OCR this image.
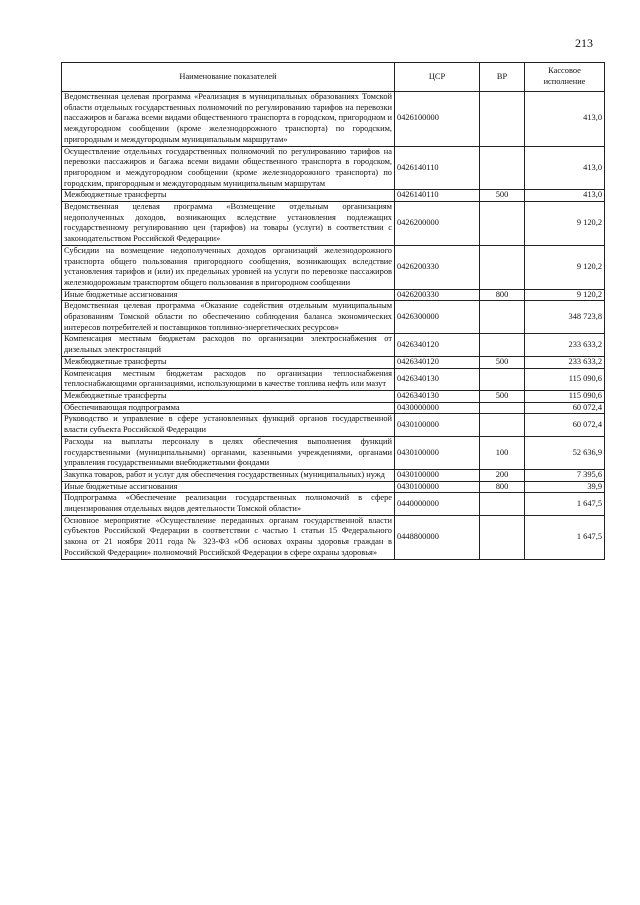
213
Наименование показателей	ЦСР	ВР	Кассовое исполнение
Ведомственная целевая программа «Реализация в муниципальных образованиях Томской области отдельных государственных полномочий по регулированию тарифов на перевозки пассажиров и багажа всеми видами общественного транспорта в городском, пригородном и междугородном сообщении (кроме железнодорожного транспорта) по городским, пригородным и междугородным муниципальным маршрутам»	0426100000		413,0
Осуществление отдельных государственных полномочий по регулированию тарифов на перевозки пассажиров и багажа всеми видами общественного транспорта в городском, пригородном и междугородном сообщении (кроме железнодорожного транспорта) по городским, пригородным и междугородным муниципальным маршрутам	0426140110		413,0
Межбюджетные трансферты	0426140110	500	413,0
Ведомственная целевая программа «Возмещение отдельным организациям недополученных доходов, возникающих вследствие установления подлежащих государственному регулированию цен (тарифов) на товары (услуги) в соответствии с законодательством Российской Федерации»	0426200000		9 120,2
Субсидии на возмещение недополученных доходов организаций железнодорожного транспорта общего пользования пригородного сообщения, возникающих вследствие установления тарифов и (или) их предельных уровней на услуги по перевозке пассажиров железнодорожным транспортом общего пользования в пригородном сообщении	0426200330		9 120,2
Иные бюджетные ассигнования	0426200330	800	9 120,2
Ведомственная целевая программа «Оказание содействия отдельным муниципальным образованиям Томской области по обеспечению соблюдения баланса экономических интересов потребителей и поставщиков топливно-энергетических ресурсов»	0426300000		348 723,8
Компенсация местным бюджетам расходов по организации электроснабжения от дизельных электростанций	0426340120		233 633,2
Межбюджетные трансферты	0426340120	500	233 633,2
Компенсация местным бюджетам расходов по организации теплоснабжения теплоснабжающими организациями, использующими в качестве топлива нефть или мазут	0426340130		115 090,6
Межбюджетные трансферты	0426340130	500	115 090,6
Обеспечивающая подпрограмма	0430000000		60 072,4
Руководство и управление в сфере установленных функций органов государственной власти субъекта Российской Федерации	0430100000		60 072,4
Расходы на выплаты персоналу в целях обеспечения выполнения функций государственными (муниципальными) органами, казенными учреждениями, органами управления государственными внебюджетными фондами	0430100000	100	52 636,9
Закупка товаров, работ и услуг для обеспечения государственных (муниципальных) нужд	0430100000	200	7 395,6
Иные бюджетные ассигнования	0430100000	800	39,9
Подпрограмма «Обеспечение реализации государственных полномочий в сфере лицензирования отдельных видов деятельности Томской области»	0440000000		1 647,5
Основное мероприятие «Осуществление переданных органам государственной власти субъектов Российской Федерации в соответствии с частью 1 статьи 15 Федерального закона от 21 ноября 2011 года № 323-ФЗ «Об основах охраны здоровья граждан в Российской Федерации» полномочий Российской Федерации в сфере охраны здоровья»	0448800000		1 647,5
